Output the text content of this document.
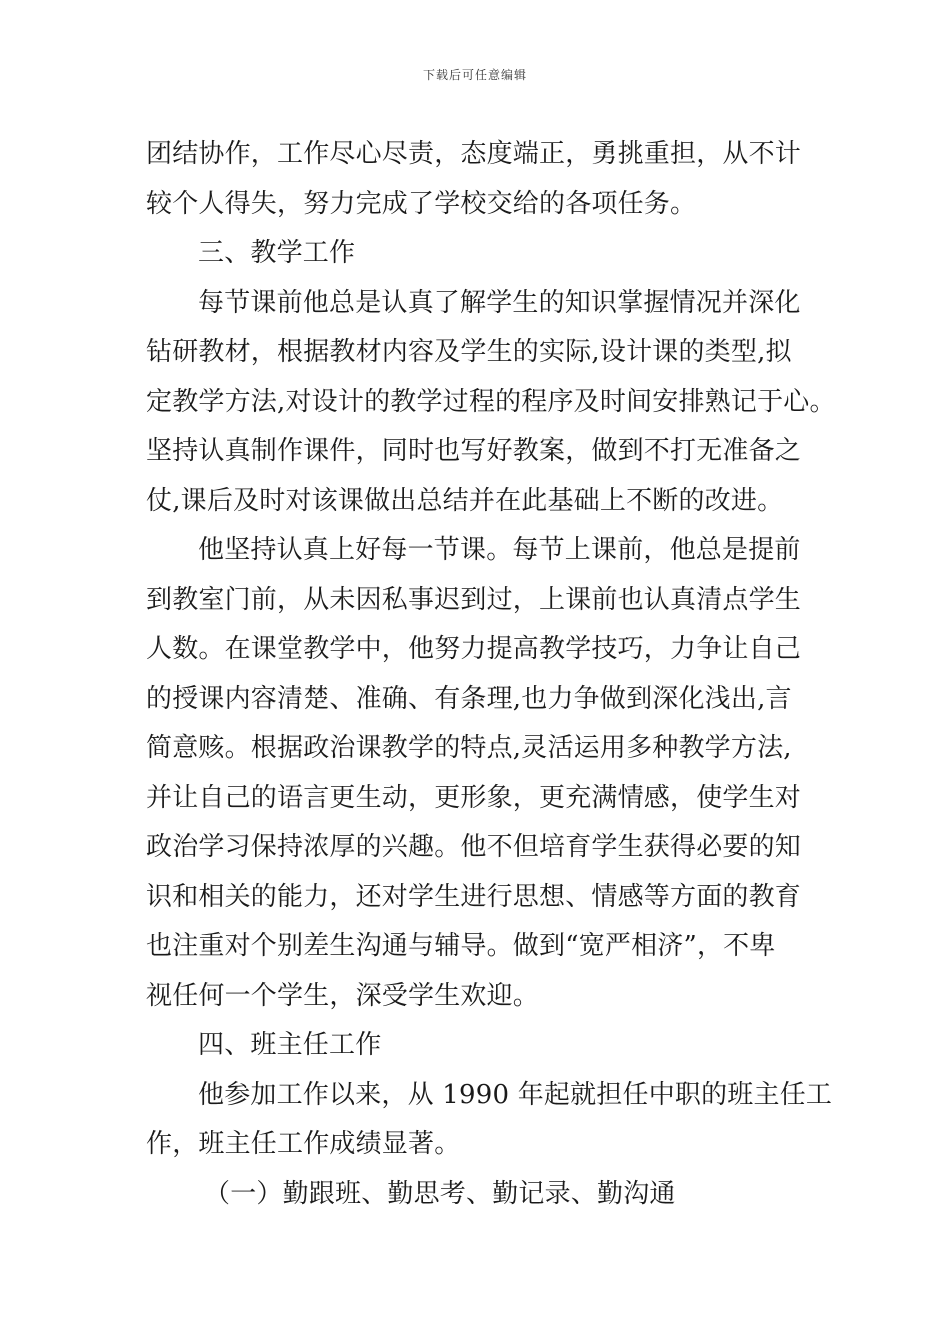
下载后可任意编辑
团结协作，工作尽心尽责，态度端正，勇挑重担，从不计
较个人得失，努力完成了学校交给的各项任务。
三、教学工作
每节课前他总是认真了解学生的知识掌握情况并深化
钻研教材，根据教材内容及学生的实际,设计课的类型,拟
定教学方法,对设计的教学过程的程序及时间安排熟记于心。
坚持认真制作课件，同时也写好教案，做到不打无准备之
仗,课后及时对该课做出总结并在此基础上不断的改进。
他坚持认真上好每一节课。每节上课前，他总是提前
到教室门前，从未因私事迟到过，上课前也认真清点学生
人数。在课堂教学中，他努力提高教学技巧，力争让自己
的授课内容清楚、准确、有条理,也力争做到深化浅出,言
简意赅。根据政治课教学的特点,灵活运用多种教学方法,
并让自己的语言更生动，更形象，更充满情感，使学生对
政治学习保持浓厚的兴趣。他不但培育学生获得必要的知
识和相关的能力，还对学生进行思想、情感等方面的教育
也注重对个别差生沟通与辅导。做到“宽严相济”，不卑
视任何一个学生，深受学生欢迎。
四、班主任工作
他参加工作以来，从 1990 年起就担任中职的班主任工
作，班主任工作成绩显著。
（一）勤跟班、勤思考、勤记录、勤沟通
